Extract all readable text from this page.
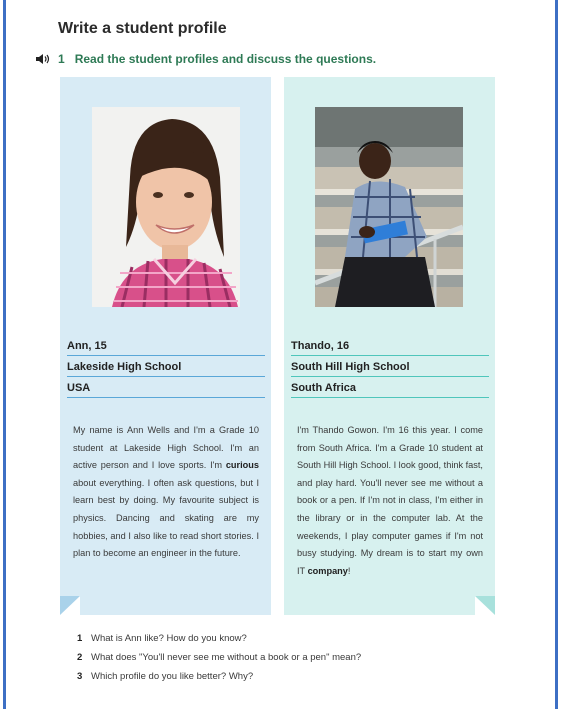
Write a student profile
1 Read the student profiles and discuss the questions.
Ann, 15
Lakeside High School
USA
My name is Ann Wells and I'm a Grade 10 student at Lakeside High School. I'm an active person and I love sports. I'm curious about everything. I often ask questions, but I learn best by doing. My favourite subject is physics. Dancing and skating are my hobbies, and I also like to read short stories. I plan to become an engineer in the future.
Thando, 16
South Hill High School
South Africa
I'm Thando Gowon. I'm 16 this year. I come from South Africa. I'm a Grade 10 student at South Hill High School. I look good, think fast, and play hard. You'll never see me without a book or a pen. If I'm not in class, I'm either in the library or in the computer lab. At the weekends, I play computer games if I'm not busy studying. My dream is to start my own IT company!
1 What is Ann like? How do you know?
2 What does "You'll never see me without a book or a pen" mean?
3 Which profile do you like better? Why?
